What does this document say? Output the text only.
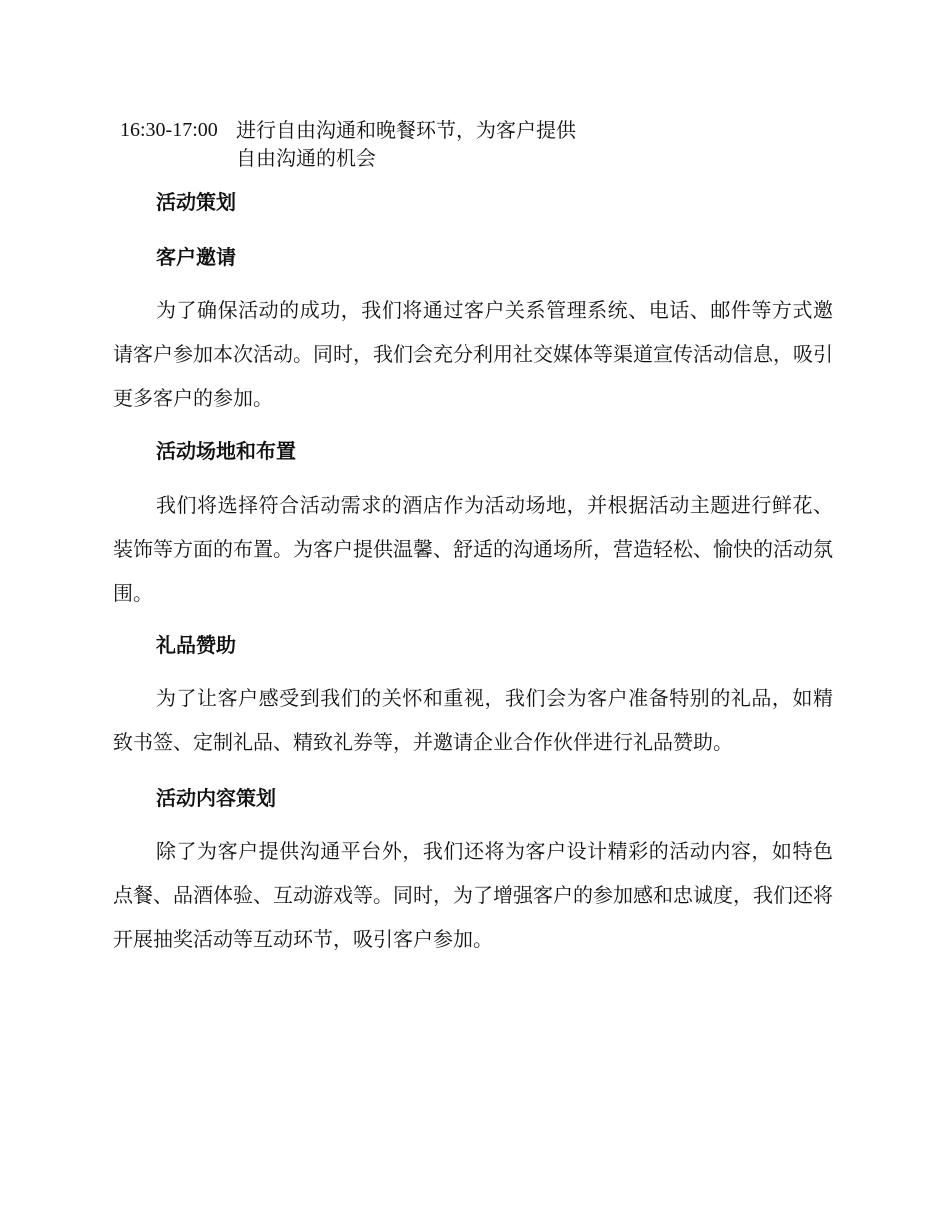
16:30-17:00 进行自由沟通和晚餐环节，为客户提供自由沟通的机会
活动策划
客户邀请

为了确保活动的成功，我们将通过客户关系管理系统、电话、邮件等方式邀请客户参加本次活动。同时，我们会充分利用社交媒体等渠道宣传活动信息，吸引更多客户的参加。

活动场地和布置

我们将选择符合活动需求的酒店作为活动场地，并根据活动主题进行鲜花、装饰等方面的布置。为客户提供温馨、舒适的沟通场所，营造轻松、愉快的活动氛围。

礼品赞助

为了让客户感受到我们的关怀和重视，我们会为客户准备特别的礼品，如精致书签、定制礼品、精致礼券等，并邀请企业合作伙伴进行礼品赞助。

活动内容策划

除了为客户提供沟通平台外，我们还将为客户设计精彩的活动内容，如特色点餐、品酒体验、互动游戏等。同时，为了增强客户的参加感和忠诚度，我们还将开展抽奖活动等互动环节，吸引客户参加。
